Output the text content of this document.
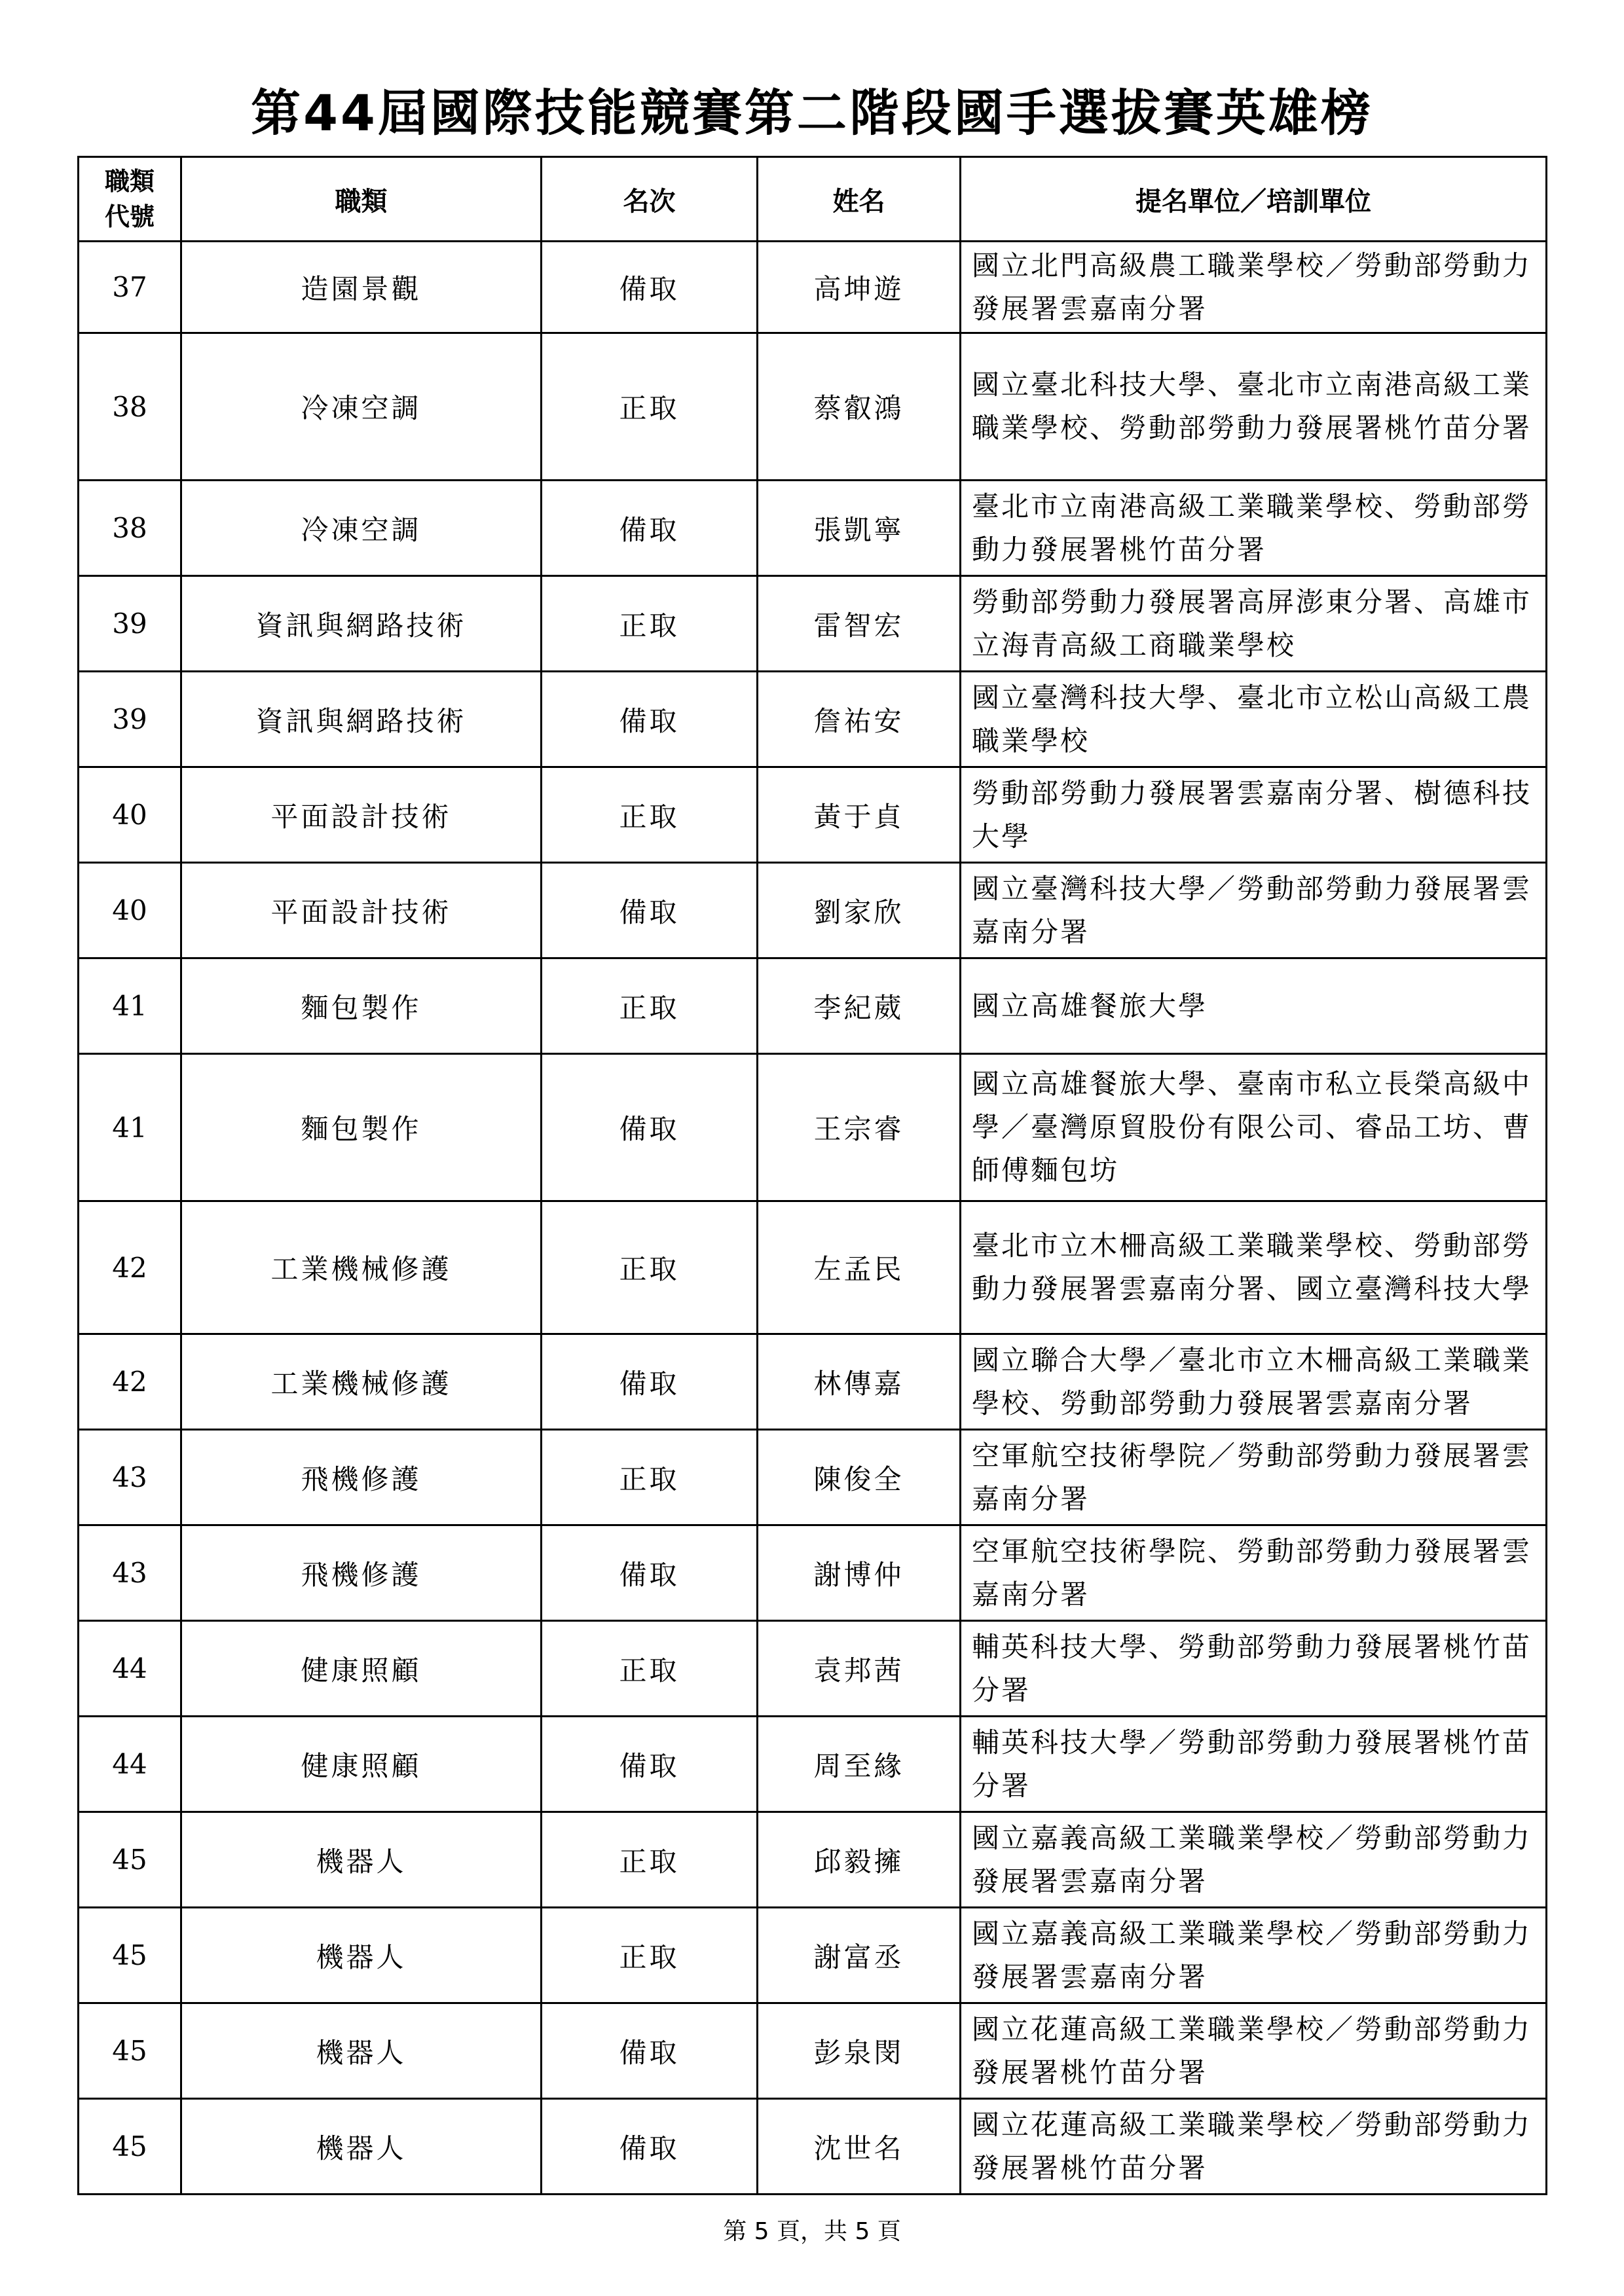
第44屆國際技能競賽第二階段國手選拔賽英雄榜
職類
代號	職類	名次	姓名	提名單位／培訓單位
37	造園景觀	備取	高坤遊	國立北門高級農工職業學校／勞動部勞動力發展署雲嘉南分署
38	冷凍空調	正取	蔡叡鴻	國立臺北科技大學、臺北市立南港高級工業職業學校、勞動部勞動力發展署桃竹苗分署
38	冷凍空調	備取	張凱寧	臺北市立南港高級工業職業學校、勞動部勞動力發展署桃竹苗分署
39	資訊與網路技術	正取	雷智宏	勞動部勞動力發展署高屏澎東分署、高雄市立海青高級工商職業學校
39	資訊與網路技術	備取	詹祐安	國立臺灣科技大學、臺北市立松山高級工農職業學校
40	平面設計技術	正取	黃于貞	勞動部勞動力發展署雲嘉南分署、樹德科技大學
40	平面設計技術	備取	劉家欣	國立臺灣科技大學／勞動部勞動力發展署雲嘉南分署
41	麵包製作	正取	李紀葳	國立高雄餐旅大學
41	麵包製作	備取	王宗睿	國立高雄餐旅大學、臺南市私立長榮高級中學／臺灣原貿股份有限公司、睿品工坊、曹師傅麵包坊
42	工業機械修護	正取	左孟民	臺北市立木柵高級工業職業學校、勞動部勞動力發展署雲嘉南分署、國立臺灣科技大學
42	工業機械修護	備取	林傳嘉	國立聯合大學／臺北市立木柵高級工業職業學校、勞動部勞動力發展署雲嘉南分署
43	飛機修護	正取	陳俊全	空軍航空技術學院／勞動部勞動力發展署雲嘉南分署
43	飛機修護	備取	謝博仲	空軍航空技術學院、勞動部勞動力發展署雲嘉南分署
44	健康照顧	正取	袁邦茜	輔英科技大學、勞動部勞動力發展署桃竹苗分署
44	健康照顧	備取	周至緣	輔英科技大學／勞動部勞動力發展署桃竹苗分署
45	機器人	正取	邱毅擁	國立嘉義高級工業職業學校／勞動部勞動力發展署雲嘉南分署
45	機器人	正取	謝富丞	國立嘉義高級工業職業學校／勞動部勞動力發展署雲嘉南分署
45	機器人	備取	彭泉閔	國立花蓮高級工業職業學校／勞動部勞動力發展署桃竹苗分署
45	機器人	備取	沈世名	國立花蓮高級工業職業學校／勞動部勞動力發展署桃竹苗分署
第 5 頁，共 5 頁
